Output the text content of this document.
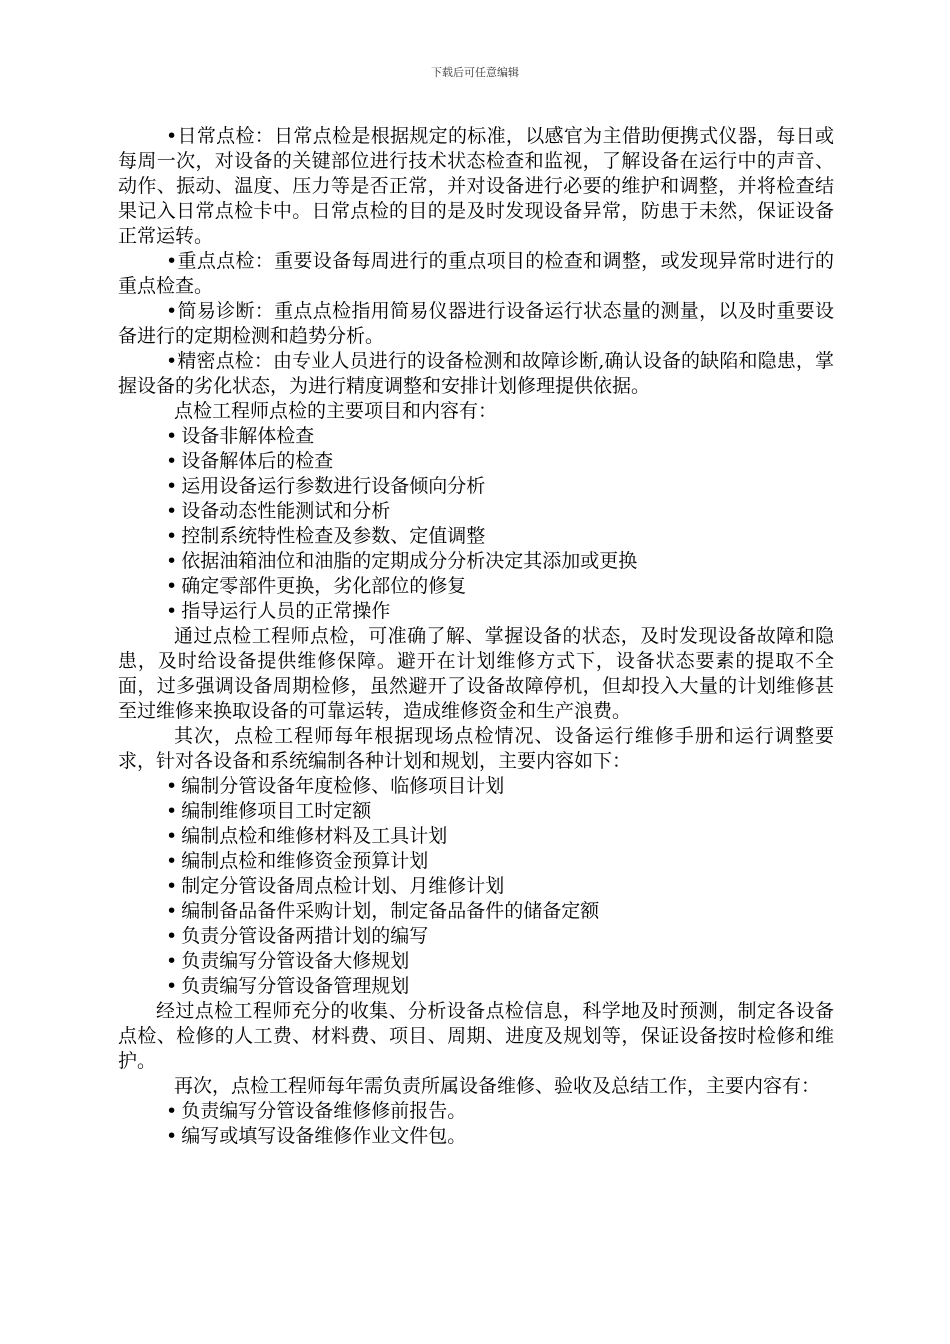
下载后可任意编辑

•日常点检：日常点检是根据规定的标准，以感官为主借助便携式仪器，每日或每周一次，对设备的关键部位进行技术状态检查和监视，了解设备在运行中的声音、动作、振动、温度、压力等是否正常，并对设备进行必要的维护和调整，并将检查结果记入日常点检卡中。日常点检的目的是及时发现设备异常，防患于未然，保证设备正常运转。

•重点点检：重要设备每周进行的重点项目的检查和调整，或发现异常时进行的重点检查。

•简易诊断：重点点检指用简易仪器进行设备运行状态量的测量，以及时重要设备进行的定期检测和趋势分析。

•精密点检：由专业人员进行的设备检测和故障诊断,确认设备的缺陷和隐患，掌握设备的劣化状态，为进行精度调整和安排计划修理提供依据。

点检工程师点检的主要项目和内容有：

• 设备非解体检查
• 设备解体后的检查
• 运用设备运行参数进行设备倾向分析
• 设备动态性能测试和分析
• 控制系统特性检查及参数、定值调整
• 依据油箱油位和油脂的定期成分分析决定其添加或更换
• 确定零部件更换，劣化部位的修复
• 指导运行人员的正常操作

通过点检工程师点检，可准确了解、掌握设备的状态，及时发现设备故障和隐患，及时给设备提供维修保障。避开在计划维修方式下，设备状态要素的提取不全面，过多强调设备周期检修，虽然避开了设备故障停机，但却投入大量的计划维修甚至过维修来换取设备的可靠运转，造成维修资金和生产浪费。

其次，点检工程师每年根据现场点检情况、设备运行维修手册和运行调整要求，针对各设备和系统编制各种计划和规划，主要内容如下：

• 编制分管设备年度检修、临修项目计划
• 编制维修项目工时定额
• 编制点检和维修材料及工具计划
• 编制点检和维修资金预算计划
• 制定分管设备周点检计划、月维修计划
• 编制备品备件采购计划，制定备品备件的储备定额
• 负责分管设备两措计划的编写
• 负责编写分管设备大修规划
• 负责编写分管设备管理规划

经过点检工程师充分的收集、分析设备点检信息，科学地及时预测，制定各设备点检、检修的人工费、材料费、项目、周期、进度及规划等，保证设备按时检修和维护。

再次，点检工程师每年需负责所属设备维修、验收及总结工作，主要内容有：

• 负责编写分管设备维修修前报告。
• 编写或填写设备维修作业文件包。
